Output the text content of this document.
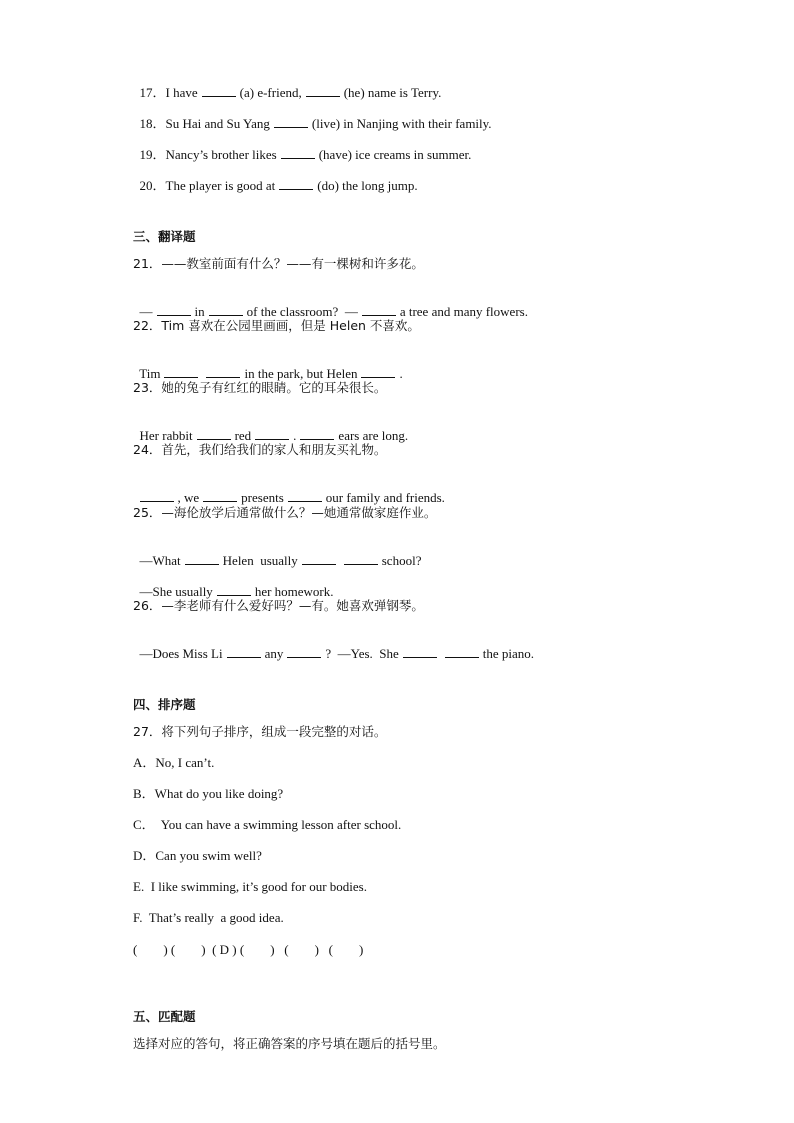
17．I have	(a) e-friend,	(he) name is Terry.

18．Su Hai and Su Yang	(live) in Nanjing with their family.

19．Nancy’s brother likes	(have) ice creams in summer.

20．The player is good at	(do) the long jump.

三、翻译题
21．——教室前面有什么？——有一棵树和许多花。

—	in	of the classroom?  —	a tree and many flowers.

22．Tim 喜欢在公园里画画，但是 Helen 不喜欢。

Tim	in the park, but Helen	.

23．她的兔子有红红的眼睛。它的耳朵很长。

Her rabbit	red	.	ears are long.

24．首先，我们给我们的家人和朋友买礼物。

, we	presents	our family and friends.

25．—海伦放学后通常做什么？—她通常做家庭作业。

—What	Helen  usually	school?

—She usually	her homework.

26．—李老师有什么爱好吗？—有。她喜欢弹钢琴。

—Does Miss Li	any	?  —Yes.  She	the piano.

四、排序题
27．将下列句子排序，组成一段完整的对话。
A．No, I can’t.
B．What do you like doing?
C．  You can have a swimming lesson after school.
D．Can you swim well?
E.  I like swimming, it’s good for our bodies.
F.  That’s really  a good idea.
(        ) (        )  ( D ) (        )   (        )   (        )
五、匹配题
选择对应的答句，将正确答案的序号填在题后的括号里。
